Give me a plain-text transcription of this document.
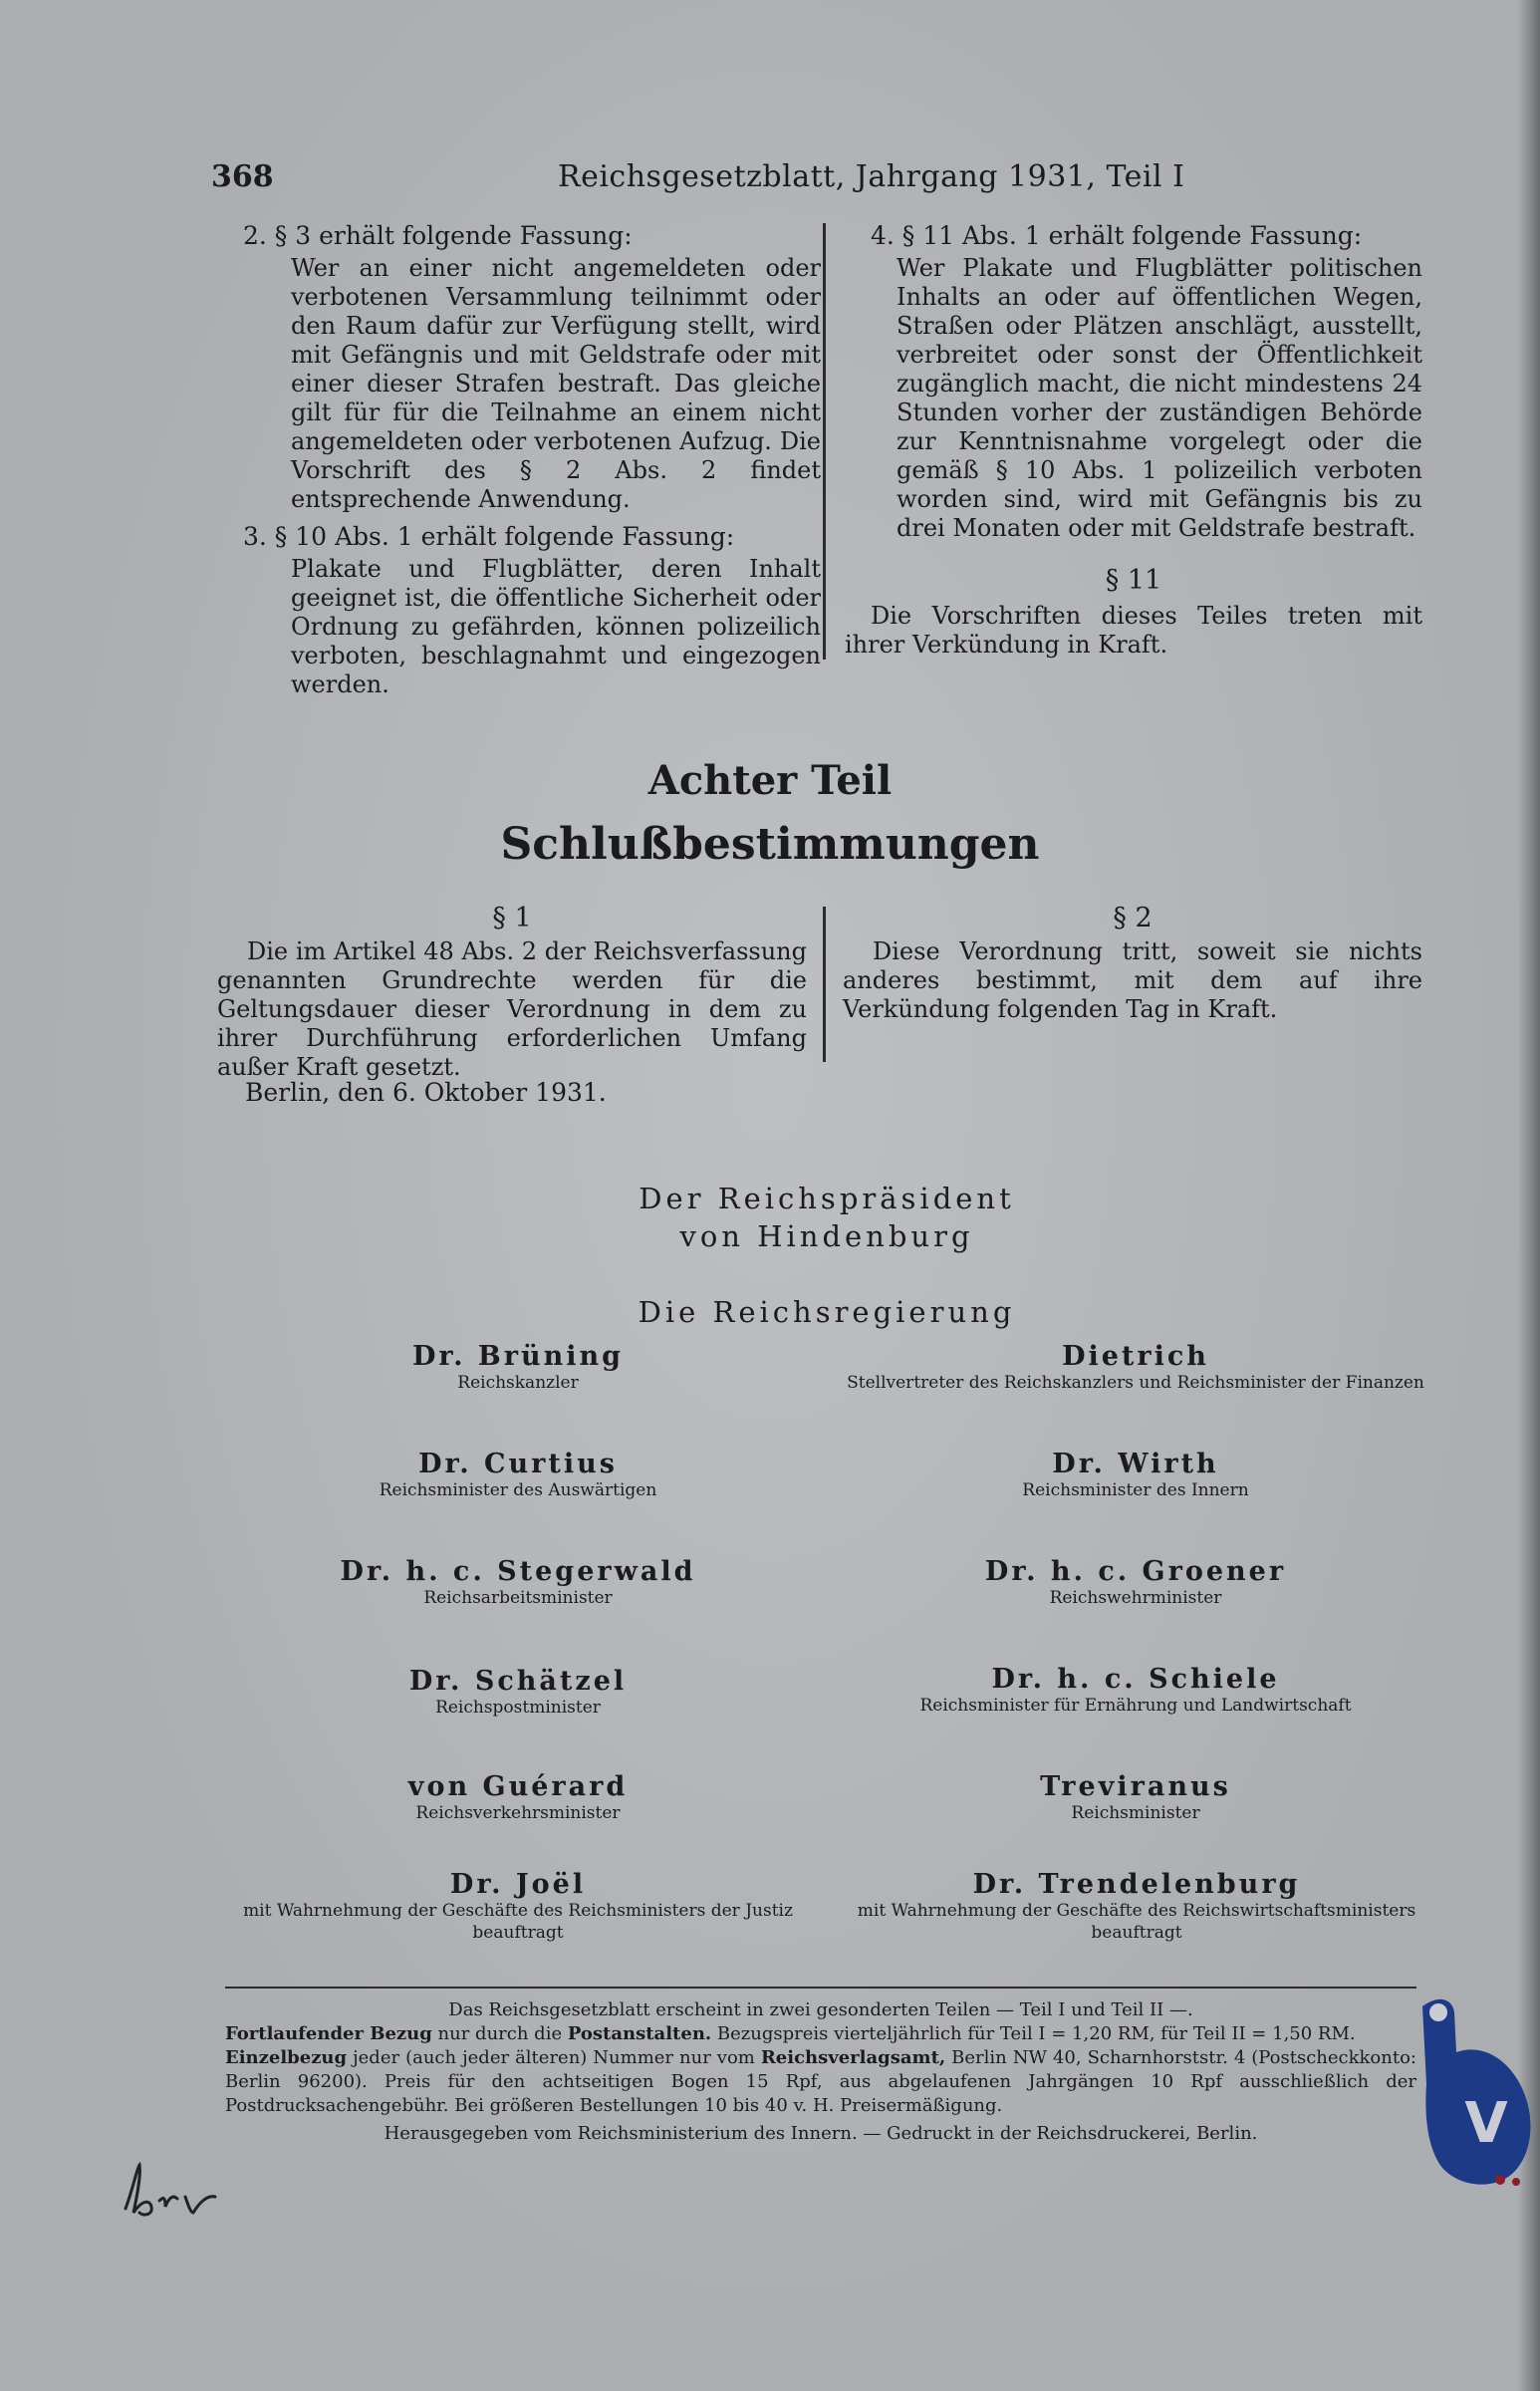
368	Reichsgesetzblatt, Jahrgang 1931, Teil I
2. § 3 erhält folgende Fassung:
Wer an einer nicht angemeldeten oder verbotenen Versammlung teilnimmt oder den Raum dafür zur Verfügung stellt, wird mit Gefängnis und mit Geldstrafe oder mit einer dieser Strafen bestraft. Das gleiche gilt für für die Teilnahme an einem nicht angemeldeten oder verbotenen Aufzug. Die Vorschrift des § 2 Abs. 2 findet entsprechende Anwendung.
3. § 10 Abs. 1 erhält folgende Fassung:
Plakate und Flugblätter, deren Inhalt geeignet ist, die öffentliche Sicherheit oder Ordnung zu gefährden, können polizeilich verboten, beschlagnahmt und eingezogen werden.
4. § 11 Abs. 1 erhält folgende Fassung:
Wer Plakate und Flugblätter politischen Inhalts an oder auf öffentlichen Wegen, Straßen oder Plätzen anschlägt, ausstellt, verbreitet oder sonst der Öffentlichkeit zugänglich macht, die nicht mindestens 24 Stunden vorher der zuständigen Behörde zur Kenntnisnahme vorgelegt oder die gemäß § 10 Abs. 1 polizeilich verboten worden sind, wird mit Gefängnis bis zu drei Monaten oder mit Geldstrafe bestraft.
§ 11
Die Vorschriften dieses Teiles treten mit ihrer Verkündung in Kraft.
Achter Teil
Schlußbestimmungen
§ 1
Die im Artikel 48 Abs. 2 der Reichsverfassung genannten Grundrechte werden für die Geltungsdauer dieser Verordnung in dem zu ihrer Durchführung erforderlichen Umfang außer Kraft gesetzt.
§ 2
Diese Verordnung tritt, soweit sie nichts anderes bestimmt, mit dem auf ihre Verkündung folgenden Tag in Kraft.
Berlin, den 6. Oktober 1931.
Der Reichspräsident
von Hindenburg
Die Reichsregierung
Dr. Brüning
Reichskanzler
Dr. Curtius
Reichsminister des Auswärtigen
Dr. h. c. Stegerwald
Reichsarbeitsminister
Dr. Schätzel
Reichspostminister
von Guérard
Reichsverkehrsminister
Dr. Joël
mit Wahrnehmung der Geschäfte des Reichsministers der Justiz
beauftragt
Dietrich
Stellvertreter des Reichskanzlers und Reichsminister der Finanzen
Dr. Wirth
Reichsminister des Innern
Dr. h. c. Groener
Reichswehrminister
Dr. h. c. Schiele
Reichsminister für Ernährung und Landwirtschaft
Treviranus
Reichsminister
Dr. Trendelenburg
mit Wahrnehmung der Geschäfte des Reichswirtschaftsministers
beauftragt
Das Reichsgesetzblatt erscheint in zwei gesonderten Teilen — Teil I und Teil II —.
Fortlaufender Bezug nur durch die Postanstalten. Bezugspreis vierteljährlich für Teil I = 1,20 RM, für Teil II = 1,50 RM.
Einzelbezug jeder (auch jeder älteren) Nummer nur vom Reichsverlagsamt, Berlin NW 40, Scharnhorststr. 4 (Postscheckkonto: Berlin 96200). Preis für den achtseitigen Bogen 15 Rpf, aus abgelaufenen Jahrgängen 10 Rpf ausschließlich der Postdrucksachengebühr. Bei größeren Bestellungen 10 bis 40 v. H. Preisermäßigung.
Herausgegeben vom Reichsministerium des Innern. — Gedruckt in der Reichsdruckerei, Berlin.	V
